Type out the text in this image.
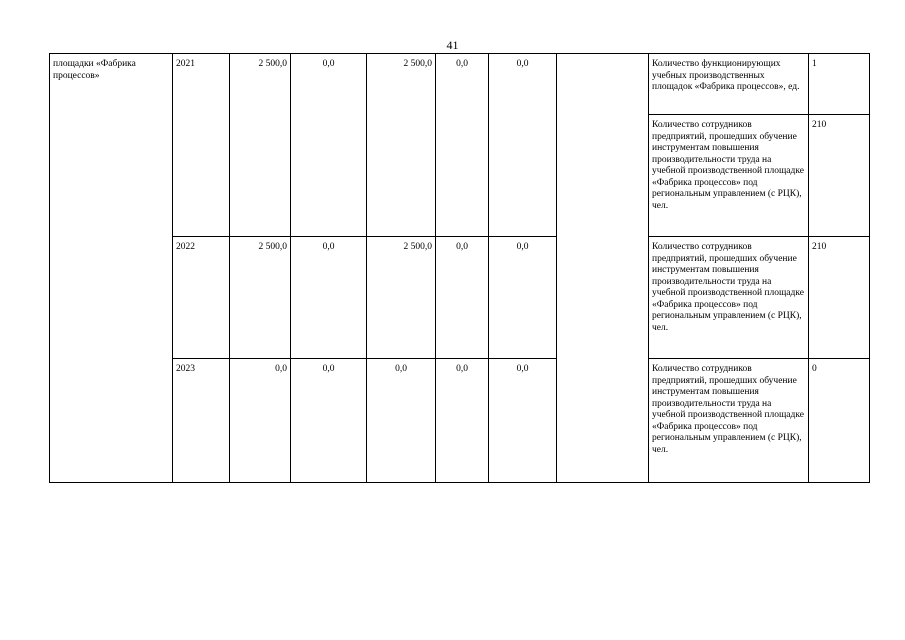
41
площадки «Фабрика процессов»	2021	2 500,0	0,0	2 500,0	0,0	0,0		Количество функционирующих учебных производственных площадок «Фабрика процессов», ед.	1
								Количество сотрудников предприятий, прошедших обучение инструментам повышения производительности труда на учебной производственной площадке «Фабрика процессов» под региональным управлением (с РЦК), чел.	210
	2022	2 500,0	0,0	2 500,0	0,0	0,0		Количество сотрудников предприятий, прошедших обучение инструментам повышения производительности труда на учебной производственной площадке «Фабрика процессов» под региональным управлением (с РЦК), чел.	210
	2023	0,0	0,0	0,0	0,0	0,0		Количество сотрудников предприятий, прошедших обучение инструментам повышения производительности труда на учебной производственной площадке «Фабрика процессов» под региональным управлением (с РЦК), чел.	0
